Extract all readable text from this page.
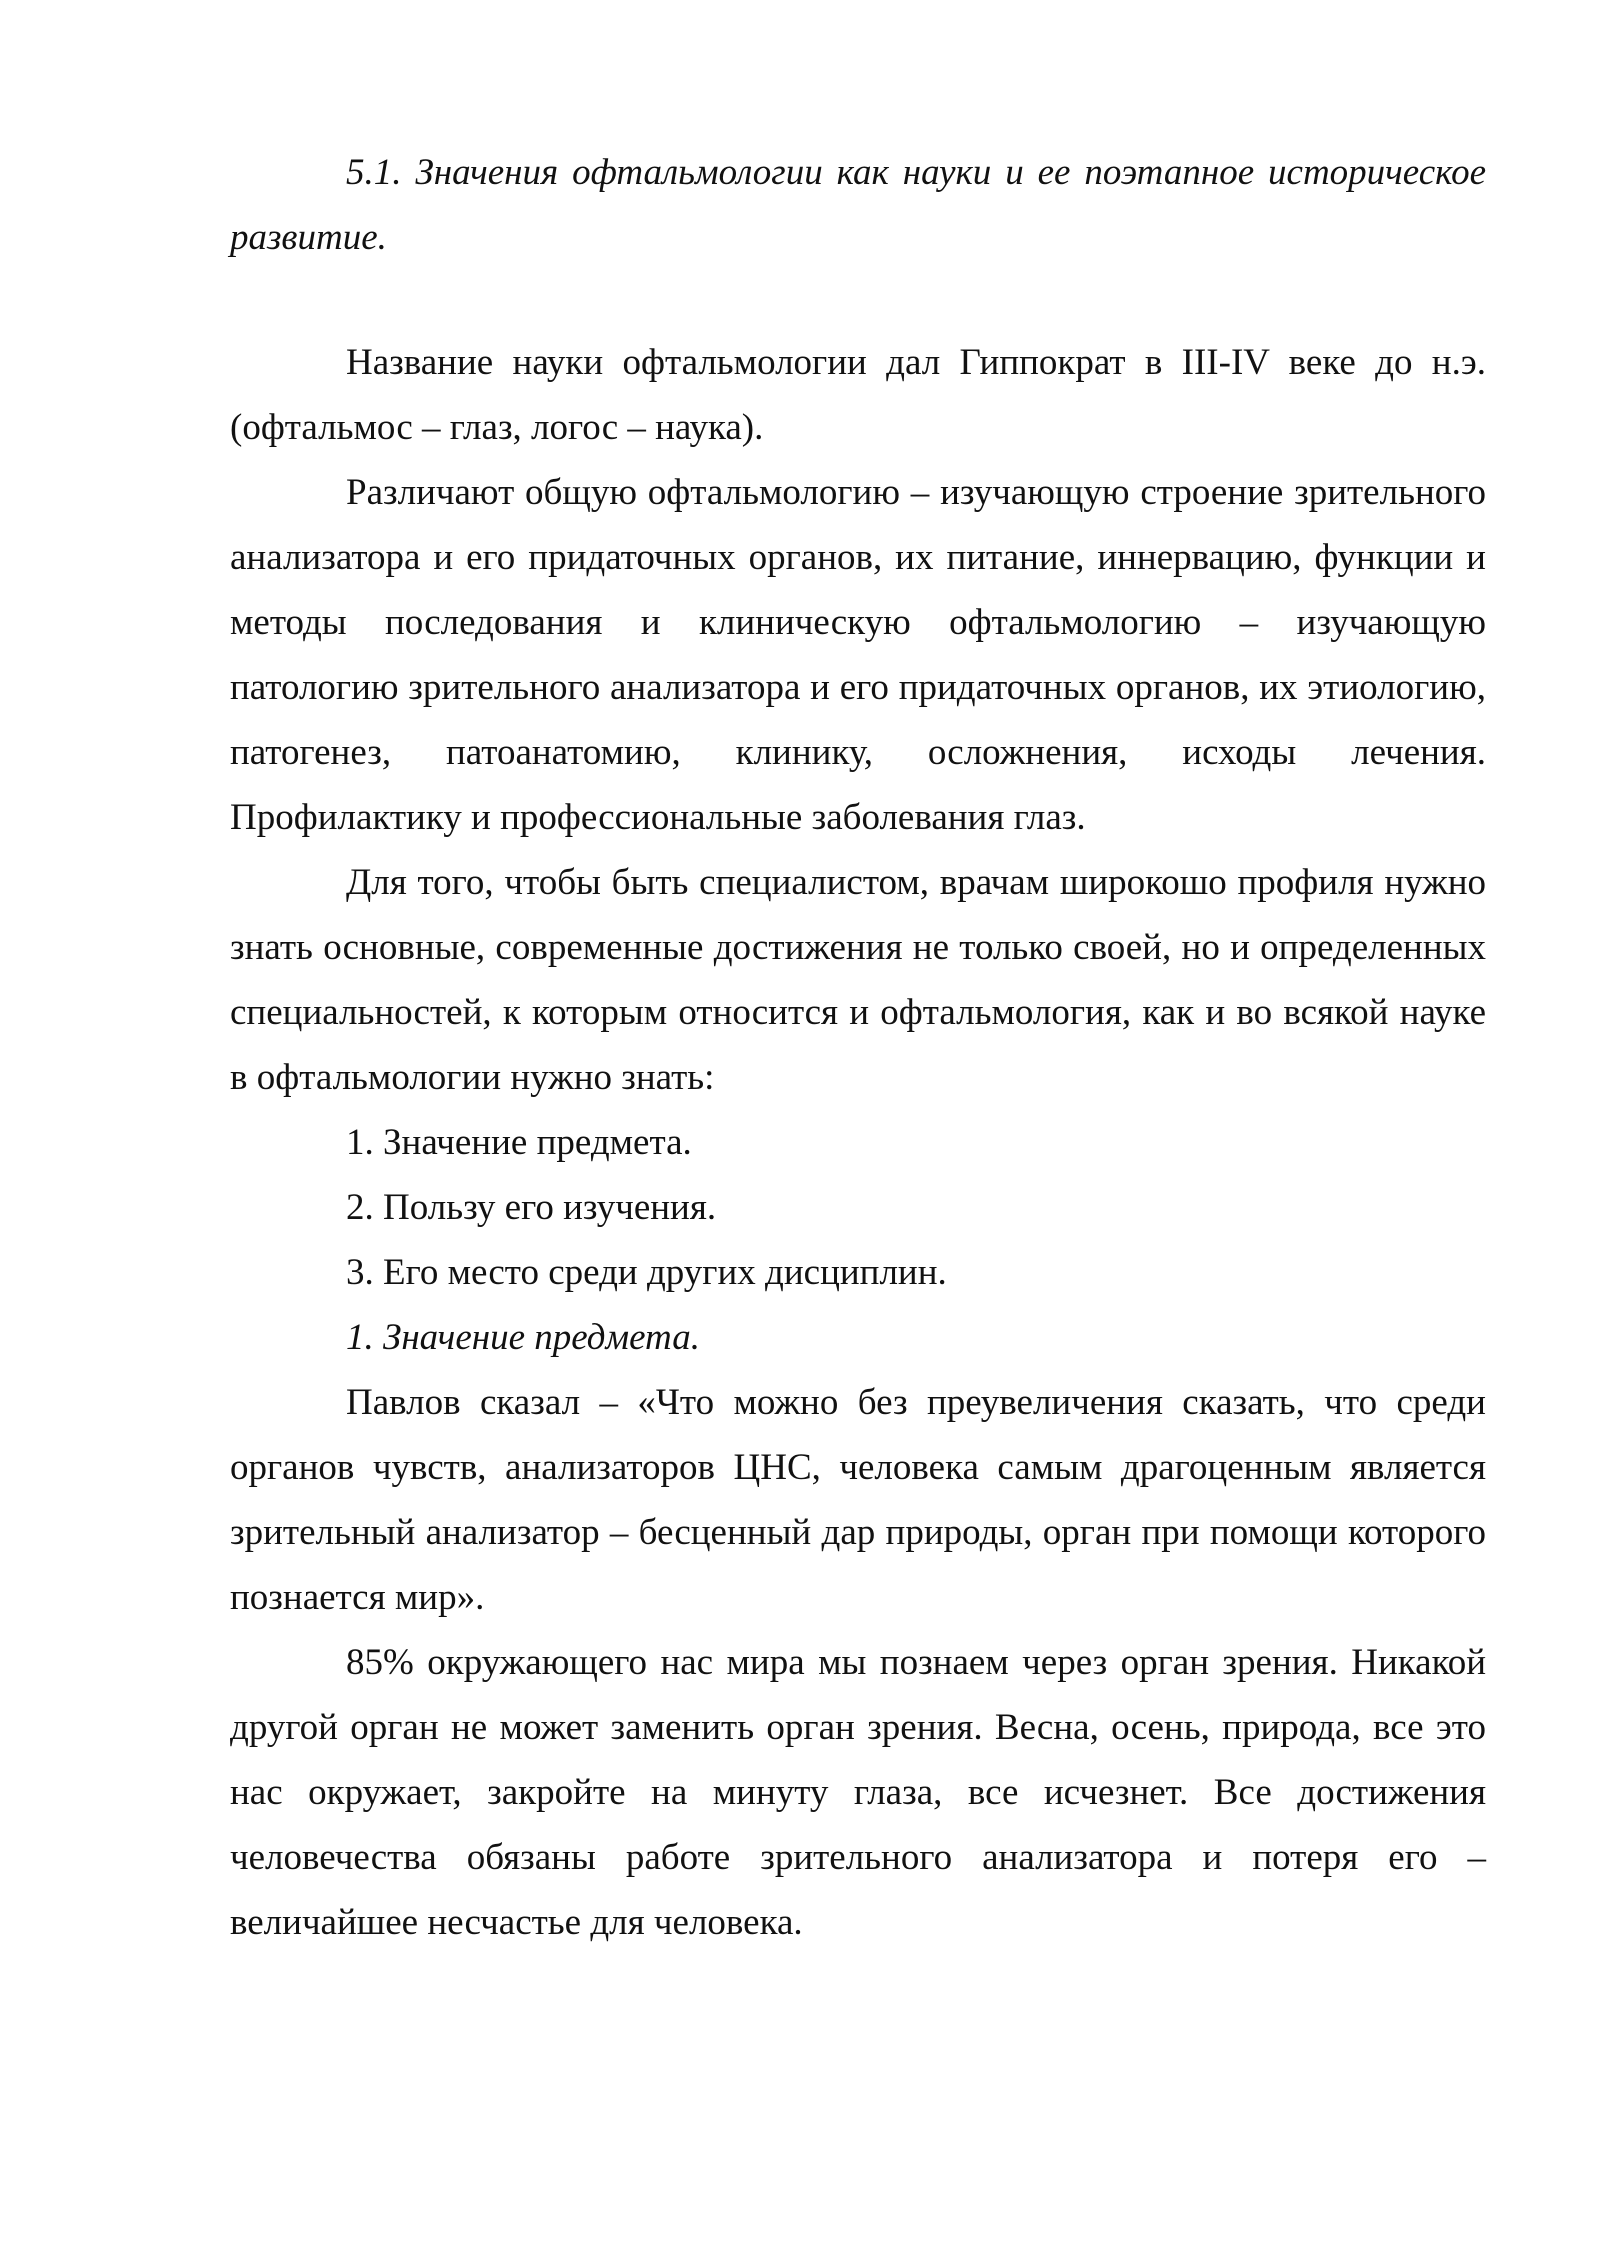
5.1. Значения офтальмологии как науки и ее поэтапное историческое развитие.

Название науки офтальмологии дал Гиппократ в III-IV веке до н.э. (офтальмос – глаз, логос – наука).

Различают общую офтальмологию – изучающую строение зрительного анализатора и его придаточных органов, их питание, иннервацию, функции и методы последования и клиническую офтальмологию – изучающую патологию зрительного анализатора и его придаточных органов, их этиологию, патогенез, патоанатомию, клинику, осложнения, исходы лечения. Профилактику и профессиональные заболевания глаз.

Для того, чтобы быть специалистом, врачам широкошо профиля нужно знать основные, современные достижения не только своей, но и определенных специальностей, к которым относится и офтальмология, как и во всякой науке в офтальмологии нужно знать:

1. Значение предмета.

2. Пользу его изучения.

3. Его место среди других дисциплин.

1. Значение предмета.

Павлов сказал – «Что можно без преувеличения сказать, что среди органов чувств, анализаторов ЦНС, человека самым драгоценным является зрительный анализатор – бесценный дар природы, орган при помощи которого познается мир».

85% окружающего нас мира мы познаем через орган зрения. Никакой другой орган не может заменить орган зрения. Весна, осень, природа, все это нас окружает, закройте на минуту глаза, все исчезнет. Все достижения человечества обязаны работе зрительного анализатора и потеря его – величайшее несчастье для человека.
